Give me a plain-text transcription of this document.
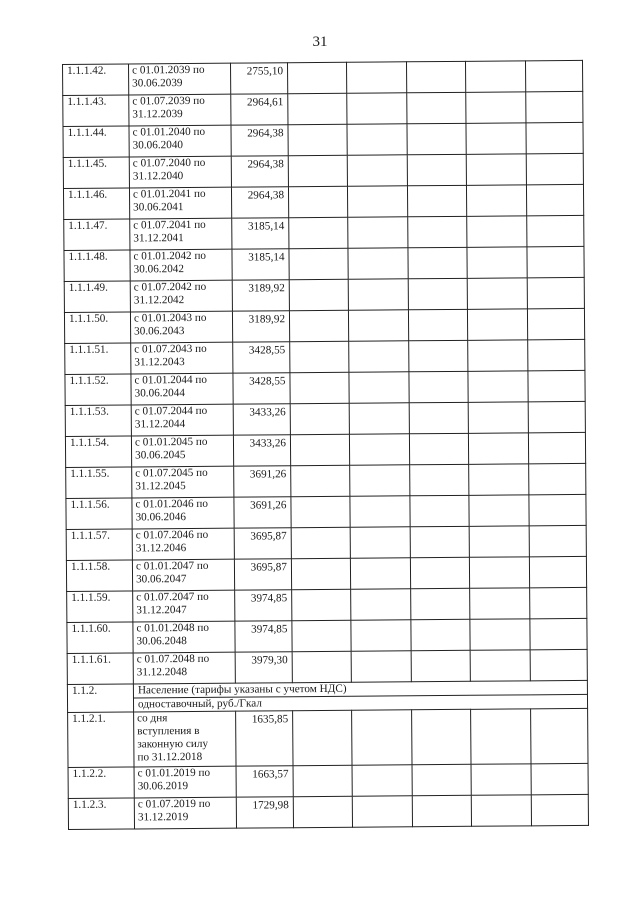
31
1.1.1.42.	с 01.01.2039 по
30.06.2039	2755,10					
1.1.1.43.	с 01.07.2039 по
31.12.2039	2964,61					
1.1.1.44.	с 01.01.2040 по
30.06.2040	2964,38					
1.1.1.45.	с 01.07.2040 по
31.12.2040	2964,38					
1.1.1.46.	с 01.01.2041 по
30.06.2041	2964,38					
1.1.1.47.	с 01.07.2041 по
31.12.2041	3185,14					
1.1.1.48.	с 01.01.2042 по
30.06.2042	3185,14					
1.1.1.49.	с 01.07.2042 по
31.12.2042	3189,92					
1.1.1.50.	с 01.01.2043 по
30.06.2043	3189,92					
1.1.1.51.	с 01.07.2043 по
31.12.2043	3428,55					
1.1.1.52.	с 01.01.2044 по
30.06.2044	3428,55					
1.1.1.53.	с 01.07.2044 по
31.12.2044	3433,26					
1.1.1.54.	с 01.01.2045 по
30.06.2045	3433,26					
1.1.1.55.	с 01.07.2045 по
31.12.2045	3691,26					
1.1.1.56.	с 01.01.2046 по
30.06.2046	3691,26					
1.1.1.57.	с 01.07.2046 по
31.12.2046	3695,87					
1.1.1.58.	с 01.01.2047 по
30.06.2047	3695,87					
1.1.1.59.	с 01.07.2047 по
31.12.2047	3974,85					
1.1.1.60.	с 01.01.2048 по
30.06.2048	3974,85					
1.1.1.61.	с 01.07.2048 по
31.12.2048	3979,30					
1.1.2.	Население (тарифы указаны с учетом НДС)						
	одноставочный, руб./Гкал						
1.1.2.1.	со дня
вступления в
законную силу
по 31.12.2018	1635,85					
1.1.2.2.	с 01.01.2019 по
30.06.2019	1663,57					
1.1.2.3.	с 01.07.2019 по
31.12.2019	1729,98					
